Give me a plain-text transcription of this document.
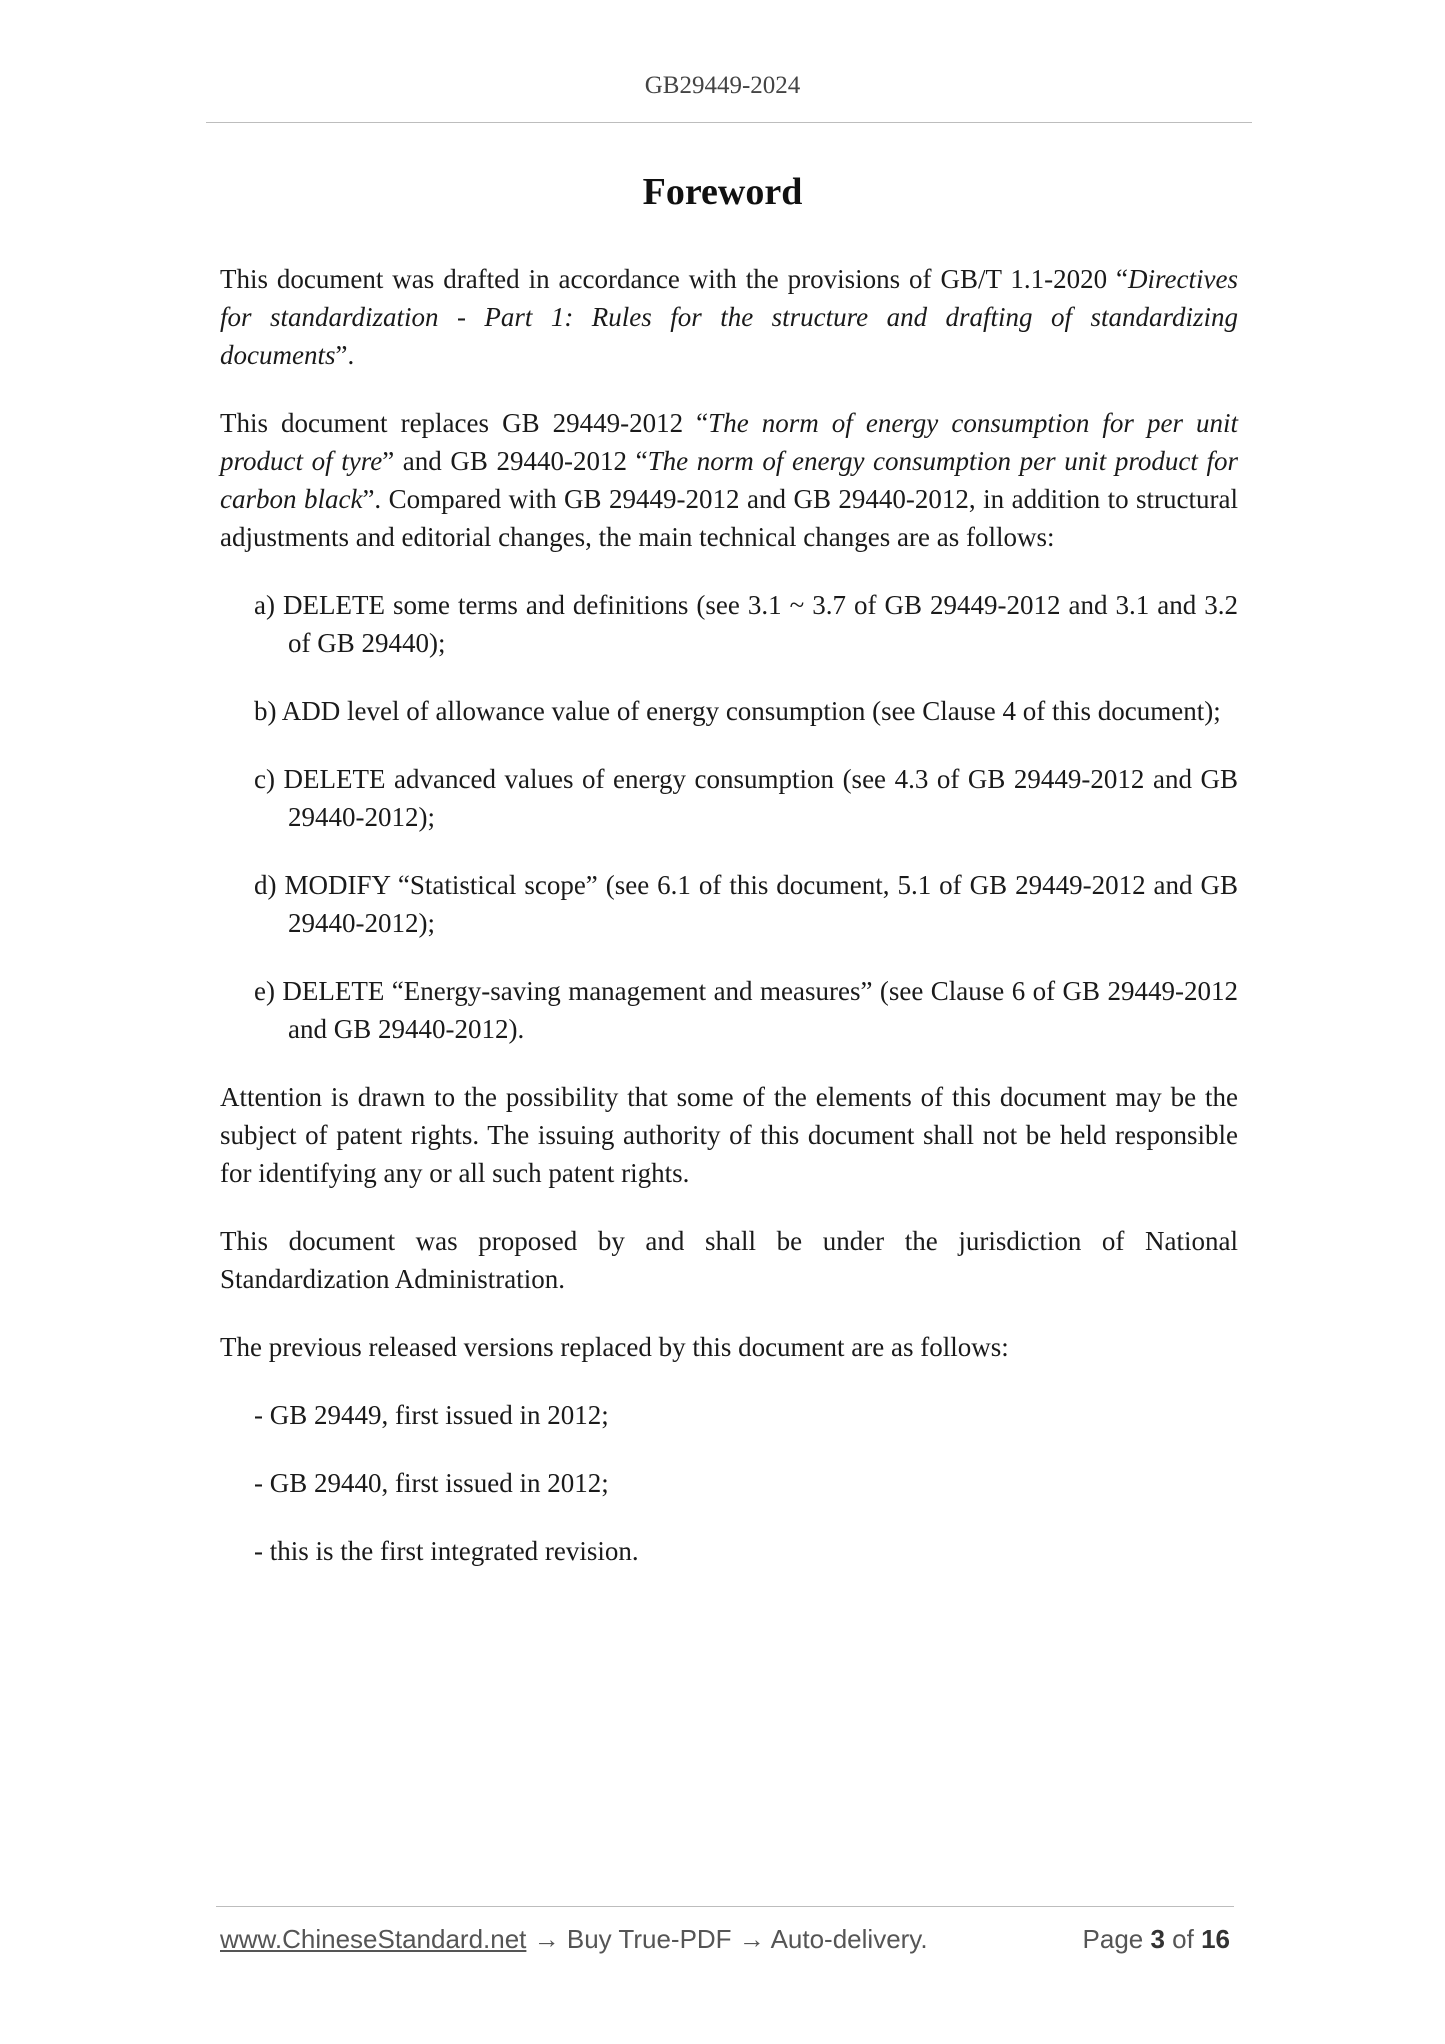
GB29449-2024
Foreword

This document was drafted in accordance with the provisions of GB/T 1.1-2020 “Directives for standardization - Part 1: Rules for the structure and drafting of standardizing documents”.

This document replaces GB 29449-2012 “The norm of energy consumption for per unit product of tyre” and GB 29440-2012 “The norm of energy consumption per unit product for carbon black”. Compared with GB 29449-2012 and GB 29440-2012, in addition to structural adjustments and editorial changes, the main technical changes are as follows:

a) DELETE some terms and definitions (see 3.1 ~ 3.7 of GB 29449-2012 and 3.1 and 3.2 of GB 29440);

b) ADD level of allowance value of energy consumption (see Clause 4 of this document);

c) DELETE advanced values of energy consumption (see 4.3 of GB 29449-2012 and GB 29440-2012);

d) MODIFY “Statistical scope” (see 6.1 of this document, 5.1 of GB 29449-2012 and GB 29440-2012);

e) DELETE “Energy-saving management and measures” (see Clause 6 of GB 29449-2012 and GB 29440-2012).

Attention is drawn to the possibility that some of the elements of this document may be the subject of patent rights. The issuing authority of this document shall not be held responsible for identifying any or all such patent rights.

This document was proposed by and shall be under the jurisdiction of National Standardization Administration.

The previous released versions replaced by this document are as follows:

- GB 29449, first issued in 2012;

- GB 29440, first issued in 2012;

- this is the first integrated revision.

www.ChineseStandard.net → Buy True-PDF → Auto-delivery.	Page 3 of 16
